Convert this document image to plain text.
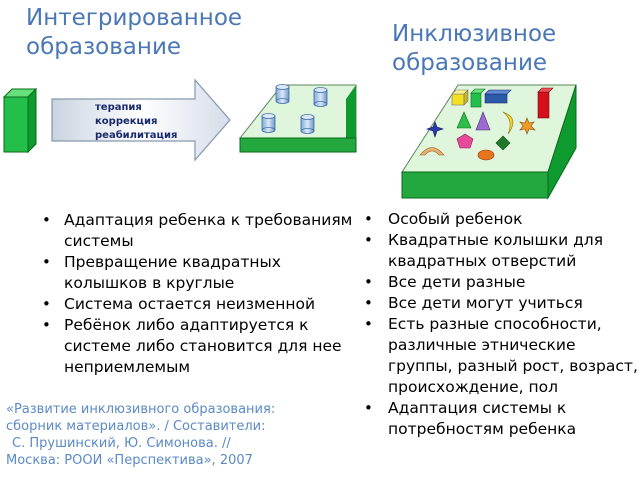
Интегрированное
образование	Инклюзивное
образование
терапия
коррекция
реабилитация
• Адаптация ребенка к требованиям системы
• Превращение квадратных колышков в круглые
• Система остается неизменной
• Ребёнок либо адаптируется к системе либо становится для нее неприемлемым
• Особый ребенок
• Квадратные колышки для квадратных отверстий
• Все дети разные
• Все дети могут учиться
• Есть разные способности, различные этнические группы, разный рост, возраст, происхождение, пол
• Адаптация системы к потребностям ребенка
«Развитие инклюзивного образования:
сборник материалов». / Составители:
С. Прушинский, Ю. Симонова. //
Москва: РООИ «Перспектива», 2007
